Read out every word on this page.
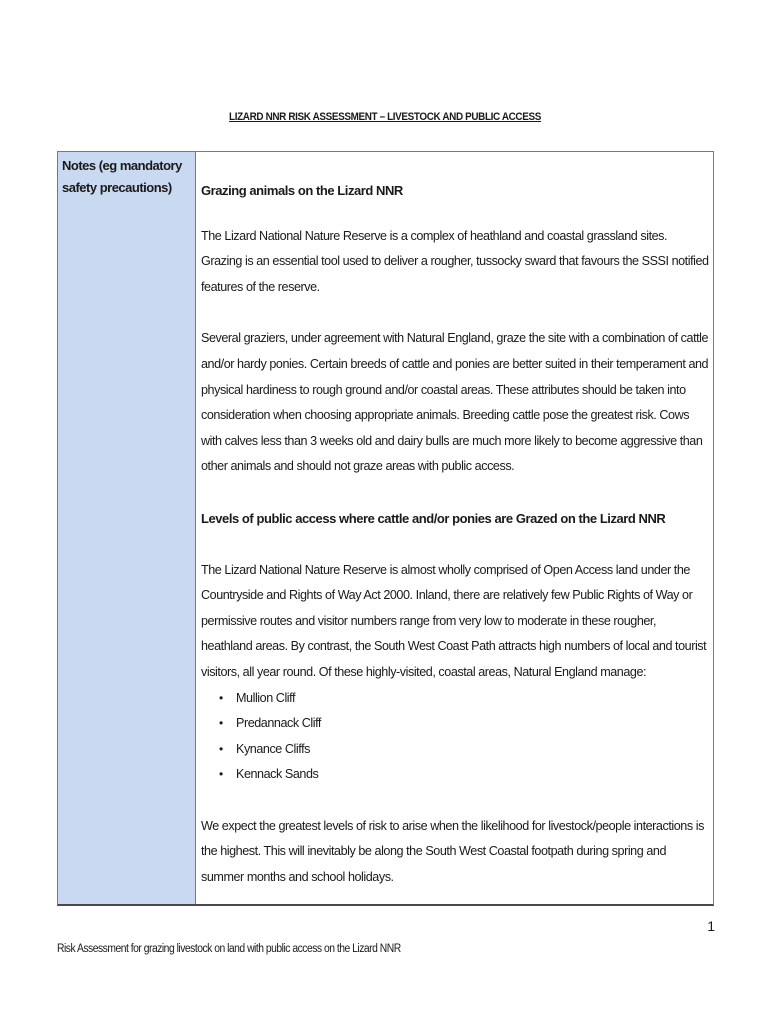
LIZARD NNR RISK ASSESSMENT – LIVESTOCK AND PUBLIC ACCESS
Notes (eg mandatory safety precautions)	Grazing animals on the Lizard NNR

The Lizard National Nature Reserve is a complex of heathland and coastal grassland sites. Grazing is an essential tool used to deliver a rougher, tussocky sward that favours the SSSI notified features of the reserve.

Several graziers, under agreement with Natural England, graze the site with a combination of cattle and/or hardy ponies. Certain breeds of cattle and ponies are better suited in their temperament and physical hardiness to rough ground and/or coastal areas. These attributes should be taken into consideration when choosing appropriate animals. Breeding cattle pose the greatest risk. Cows with calves less than 3 weeks old and dairy bulls are much more likely to become aggressive than other animals and should not graze areas with public access.

Levels of public access where cattle and/or ponies are Grazed on the Lizard NNR

The Lizard National Nature Reserve is almost wholly comprised of Open Access land under the Countryside and Rights of Way Act 2000. Inland, there are relatively few Public Rights of Way or permissive routes and visitor numbers range from very low to moderate in these rougher, heathland areas. By contrast, the South West Coast Path attracts high numbers of local and tourist visitors, all year round. Of these highly-visited, coastal areas, Natural England manage:

• Mullion Cliff
• Predannack Cliff
• Kynance Cliffs
• Kennack Sands

We expect the greatest levels of risk to arise when the likelihood for livestock/people interactions is the highest. This will inevitably be along the South West Coastal footpath during spring and summer months and school holidays.

1
Risk Assessment for grazing livestock on land with public access on the Lizard NNR
